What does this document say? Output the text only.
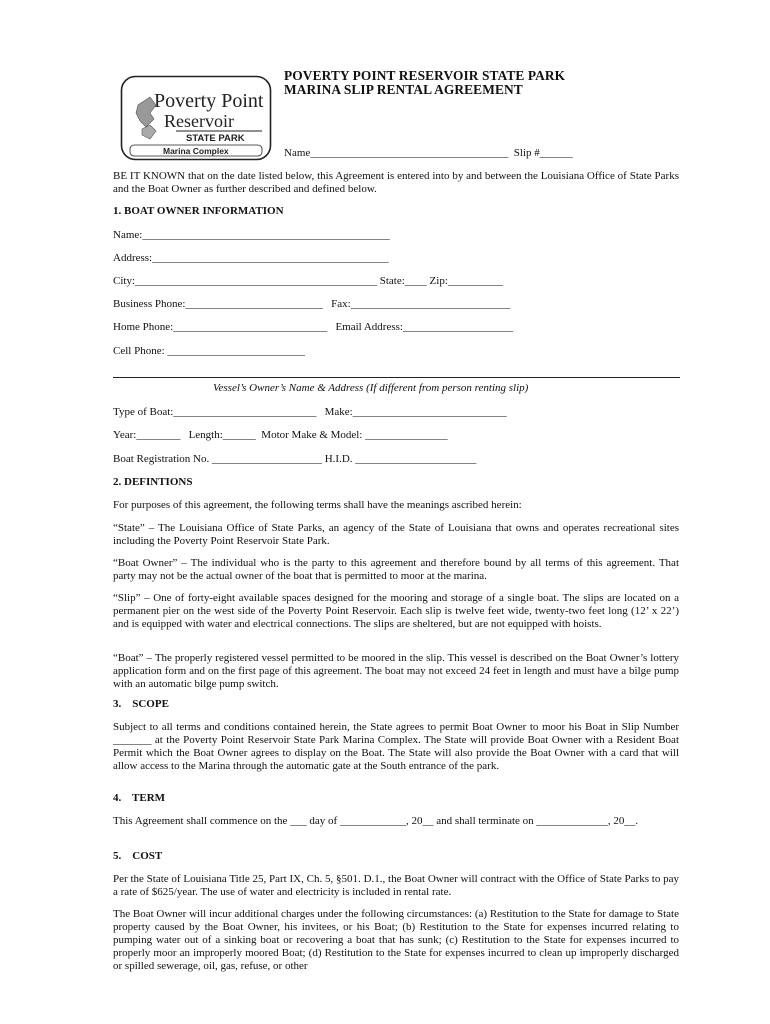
Poverty Point
Reservoir
STATE PARK
Marina Complex
POVERTY POINT RESERVOIR STATE PARK
MARINA SLIP RENTAL AGREEMENT
Name____________________________________  Slip #______

BE IT KNOWN that on the date listed below, this Agreement is entered into by and between the Louisiana Office of State Parks and the Boat Owner as further described and defined below.

1. BOAT OWNER INFORMATION
Name:_____________________________________________
Address:___________________________________________
City:____________________________________________ State:____ Zip:__________
Business Phone:_________________________   Fax:_____________________________
Home Phone:____________________________   Email Address:____________________
Cell Phone: _________________________
Vessel’s Owner’s Name & Address (If different from person renting slip)
Type of Boat:__________________________   Make:____________________________
Year:________   Length:______  Motor Make & Model: _______________
Boat Registration No. ____________________ H.I.D. ______________________
2. DEFINTIONS

For purposes of this agreement, the following terms shall have the meanings ascribed herein:

“State” – The Louisiana Office of State Parks, an agency of the State of Louisiana that owns and operates recreational sites including the Poverty Point Reservoir State Park.

“Boat Owner” – The individual who is the party to this agreement and therefore bound by all terms of this agreement. That party may not be the actual owner of the boat that is permitted to moor at the marina.

“Slip” – One of forty-eight available spaces designed for the mooring and storage of a single boat. The slips are located on a permanent pier on the west side of the Poverty Point Reservoir. Each slip is twelve feet wide, twenty-two feet long (12’ x 22’) and is equipped with water and electrical connections. The slips are sheltered, but are not equipped with hoists.

“Boat” – The properly registered vessel permitted to be moored in the slip. This vessel is described on the Boat Owner’s lottery application form and on the first page of this agreement. The boat may not exceed 24 feet in length and must have a bilge pump with an automatic bilge pump switch.

3.    SCOPE

Subject to all terms and conditions contained herein, the State agrees to permit Boat Owner to moor his Boat in Slip Number _______ at the Poverty Point Reservoir State Park Marina Complex. The State will provide Boat Owner with a Resident Boat Permit which the Boat Owner agrees to display on the Boat. The State will also provide the Boat Owner with a card that will allow access to the Marina through the automatic gate at the South entrance of the park.

4.    TERM

This Agreement shall commence on the ___ day of ____________, 20__ and shall terminate on _____________, 20__.

5.    COST

Per the State of Louisiana Title 25, Part IX, Ch. 5, §501. D.1., the Boat Owner will contract with the Office of State Parks to pay a rate of $625/year. The use of water and electricity is included in rental rate.

The Boat Owner will incur additional charges under the following circumstances: (a) Restitution to the State for damage to State property caused by the Boat Owner, his invitees, or his Boat; (b) Restitution to the State for expenses incurred relating to pumping water out of a sinking boat or recovering a boat that has sunk; (c) Restitution to the State for expenses incurred to properly moor an improperly moored Boat; (d) Restitution to the State for expenses incurred to clean up improperly discharged or spilled sewerage, oil, gas, refuse, or other
